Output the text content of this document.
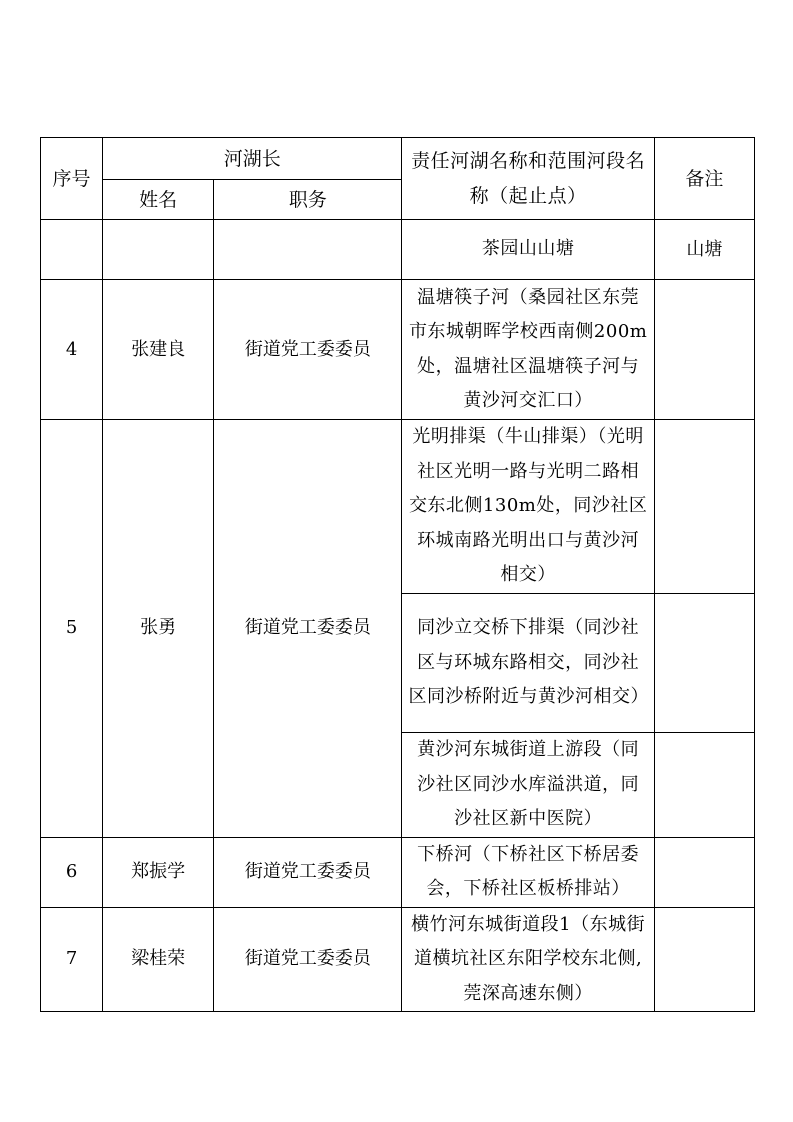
序号	河湖长		责任河湖名称和范围河段名称（起止点）	备注
	姓名	职务		
			茶园山山塘	山塘
4	张建良	街道党工委委员	温塘筷子河（桑园社区东莞市东城朝晖学校西南侧200m处，温塘社区温塘筷子河与黄沙河交汇口）	
5	张勇	街道党工委委员	光明排渠（牛山排渠）（光明社区光明一路与光明二路相交东北侧130m处，同沙社区环城南路光明出口与黄沙河相交）	
			同沙立交桥下排渠（同沙社区与环城东路相交，同沙社区同沙桥附近与黄沙河相交）	
			黄沙河东城街道上游段（同沙社区同沙水库溢洪道，同沙社区新中医院）	
6	郑振学	街道党工委委员	下桥河（下桥社区下桥居委会，下桥社区板桥排站）	
7	梁桂荣	街道党工委委员	横竹河东城街道段1（东城街道横坑社区东阳学校东北侧,莞深高速东侧）	
